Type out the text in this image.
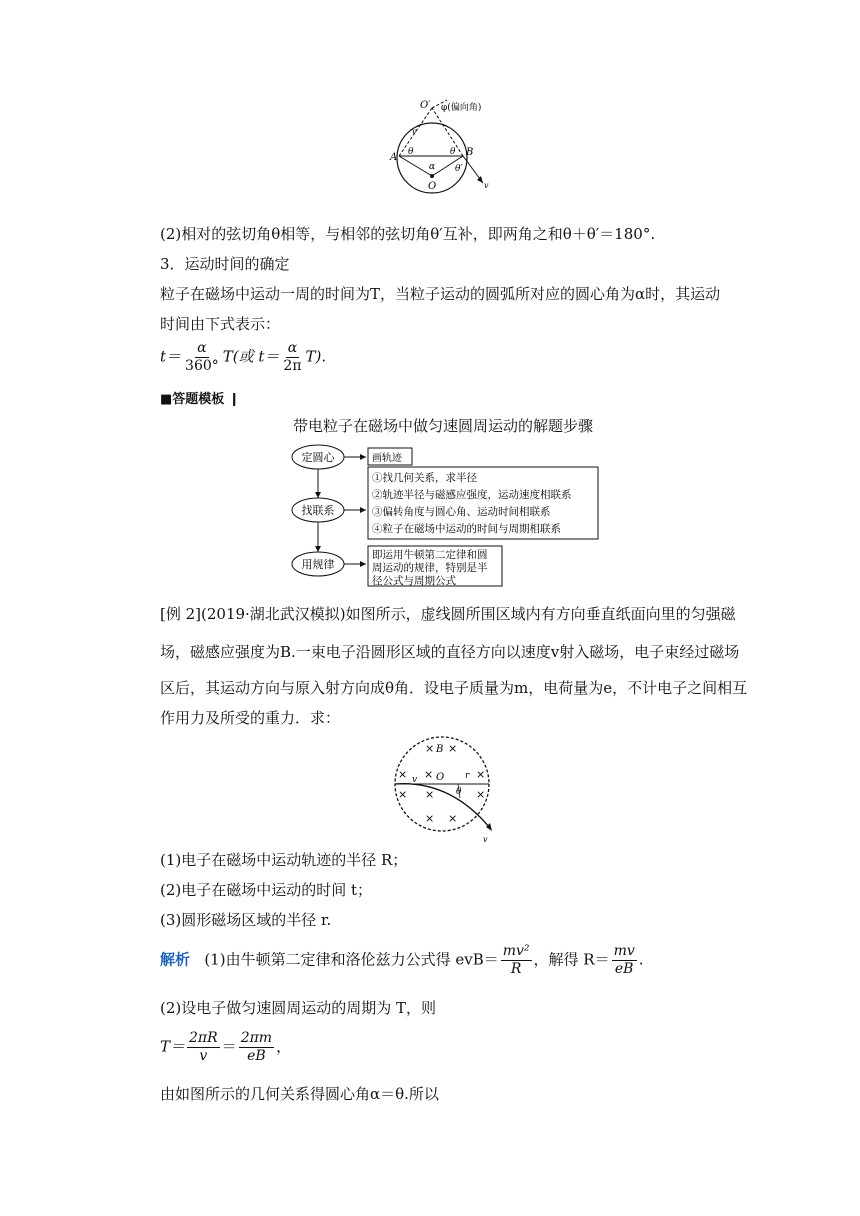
O′ φ(偏向角)
A	B
O
θ	θ
θ′
α
v
v
(2)相对的弦切角θ相等，与相邻的弦切角θ′互补，即两角之和θ＋θ′＝180°.
3．运动时间的确定
粒子在磁场中运动一周的时间为T，当粒子运动的圆弧所对应的圆心角为α时，其运动
时间由下式表示：
$t= \frac{\alpha}{360^\circ} T$(或 $t= \frac{\alpha}{2\pi} T$).
■答题模板 ❙
带电粒子在磁场中做匀速圆周运动的解题步骤
定圆心
找联系
用规律
画轨迹
①找几何关系，求半径
②轨迹半径与磁感应强度，运动速度相联系
③偏转角度与圆心角、运动时间相联系
④粒子在磁场中运动的时间与周期相联系
即运用牛顿第二定律和圆
周运动的规律，特别是半
径公式与周期公式
[例 2](2019·湖北武汉模拟)如图所示，虚线圆所围区域内有方向垂直纸面向里的匀强磁
场，磁感应强度为B.一束电子沿圆形区域的直径方向以速度v射入磁场，电子束经过磁场
区后，其运动方向与原入射方向成θ角．设电子质量为m，电荷量为e，不计电子之间相互
作用力及所受的重力．求：
B
O
v
v
r
θ
× ×
× ×	×
× ×	×
× ×
(1)电子在磁场中运动轨迹的半径 R；
(2)电子在磁场中运动的时间 t；
(3)圆形磁场区域的半径 r.
解析 (1)由牛顿第二定律和洛伦兹力公式得 $evB= \frac{\text{mv²}}{R}$ ，解得 $R= \frac{mv}{eB}$ .
(2)设电子做匀速圆周运动的周期为 T，则
$T= \frac{2\pi R}{v} = \frac{2\pi m}{eB}$ ，
由如图所示的几何关系得圆心角α＝θ.所以
